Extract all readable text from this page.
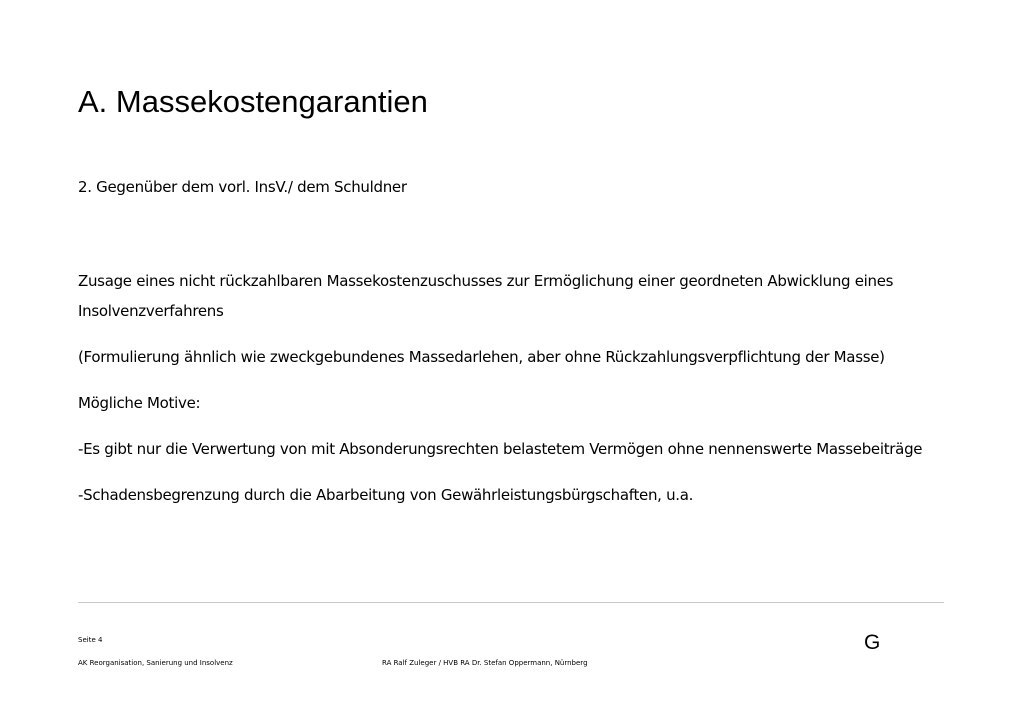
A. Massekostengarantien

2. Gegenüber dem vorl. InsV./ dem Schuldner

Zusage eines nicht rückzahlbaren Massekostenzuschusses zur Ermöglichung einer geordneten Abwicklung eines Insolvenzverfahrens

(Formulierung ähnlich wie zweckgebundenes Massedarlehen, aber ohne Rückzahlungsverpflichtung der Masse)

Mögliche Motive:

-Es gibt nur die Verwertung von mit Absonderungsrechten belastetem Vermögen ohne nennenswerte Massebeiträge

-Schadensbegrenzung durch die Abarbeitung von Gewährleistungsbürgschaften, u.a.

Seite 4	G
AK Reorganisation, Sanierung und Insolvenz	RA Ralf Zuleger / HVB RA Dr. Stefan Oppermann, Nürnberg
